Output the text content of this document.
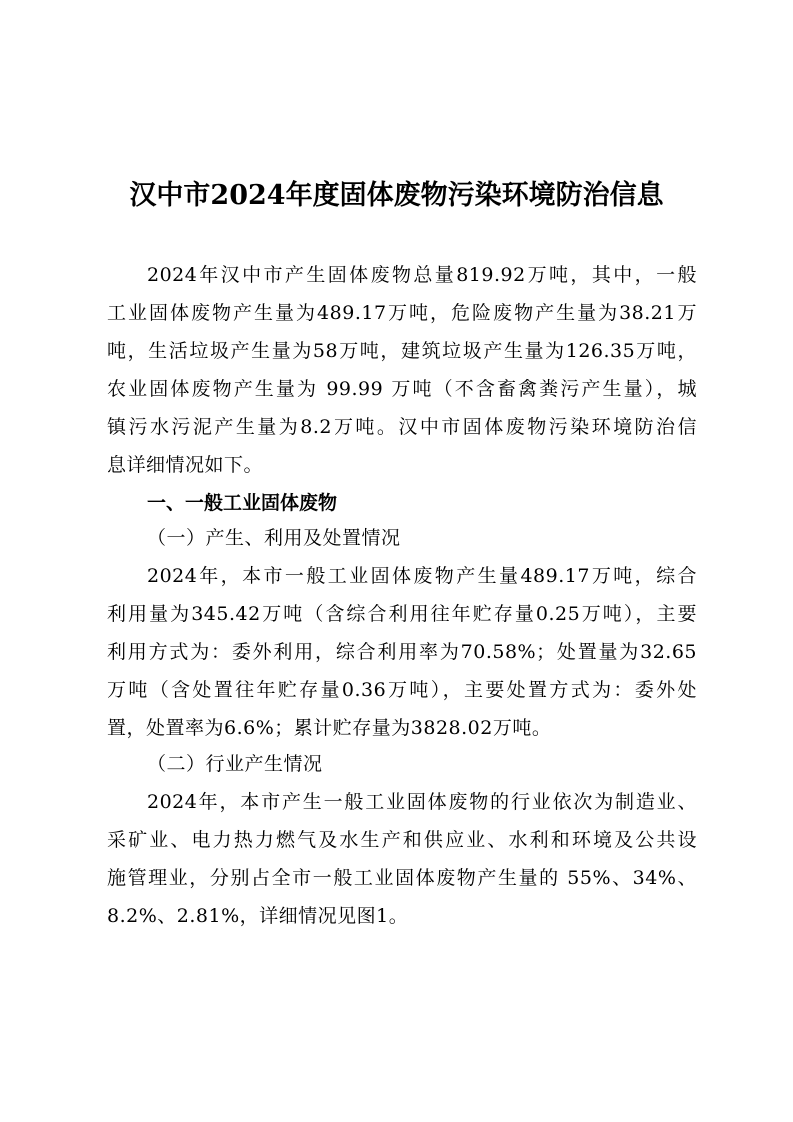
汉中市2024年度固体废物污染环境防治信息
2024年汉中市产生固体废物总量819.92万吨，其中，一般
工业固体废物产生量为489.17万吨，危险废物产生量为38.21万
吨，生活垃圾产生量为58万吨，建筑垃圾产生量为126.35万吨，
农业固体废物产生量为 99.99 万吨（不含畜禽粪污产生量），城
镇污水污泥产生量为8.2万吨。汉中市固体废物污染环境防治信
息详细情况如下。
一、一般工业固体废物
（一）产生、利用及处置情况
2024年，本市一般工业固体废物产生量489.17万吨，综合
利用量为345.42万吨（含综合利用往年贮存量0.25万吨），主要
利用方式为：委外利用，综合利用率为70.58%；处置量为32.65
万吨（含处置往年贮存量0.36万吨），主要处置方式为：委外处
置，处置率为6.6%；累计贮存量为3828.02万吨。
（二）行业产生情况
2024年，本市产生一般工业固体废物的行业依次为制造业、
采矿业、电力热力燃气及水生产和供应业、水利和环境及公共设
施管理业，分别占全市一般工业固体废物产生量的 55%、34%、
8.2%、2.81%，详细情况见图1。
